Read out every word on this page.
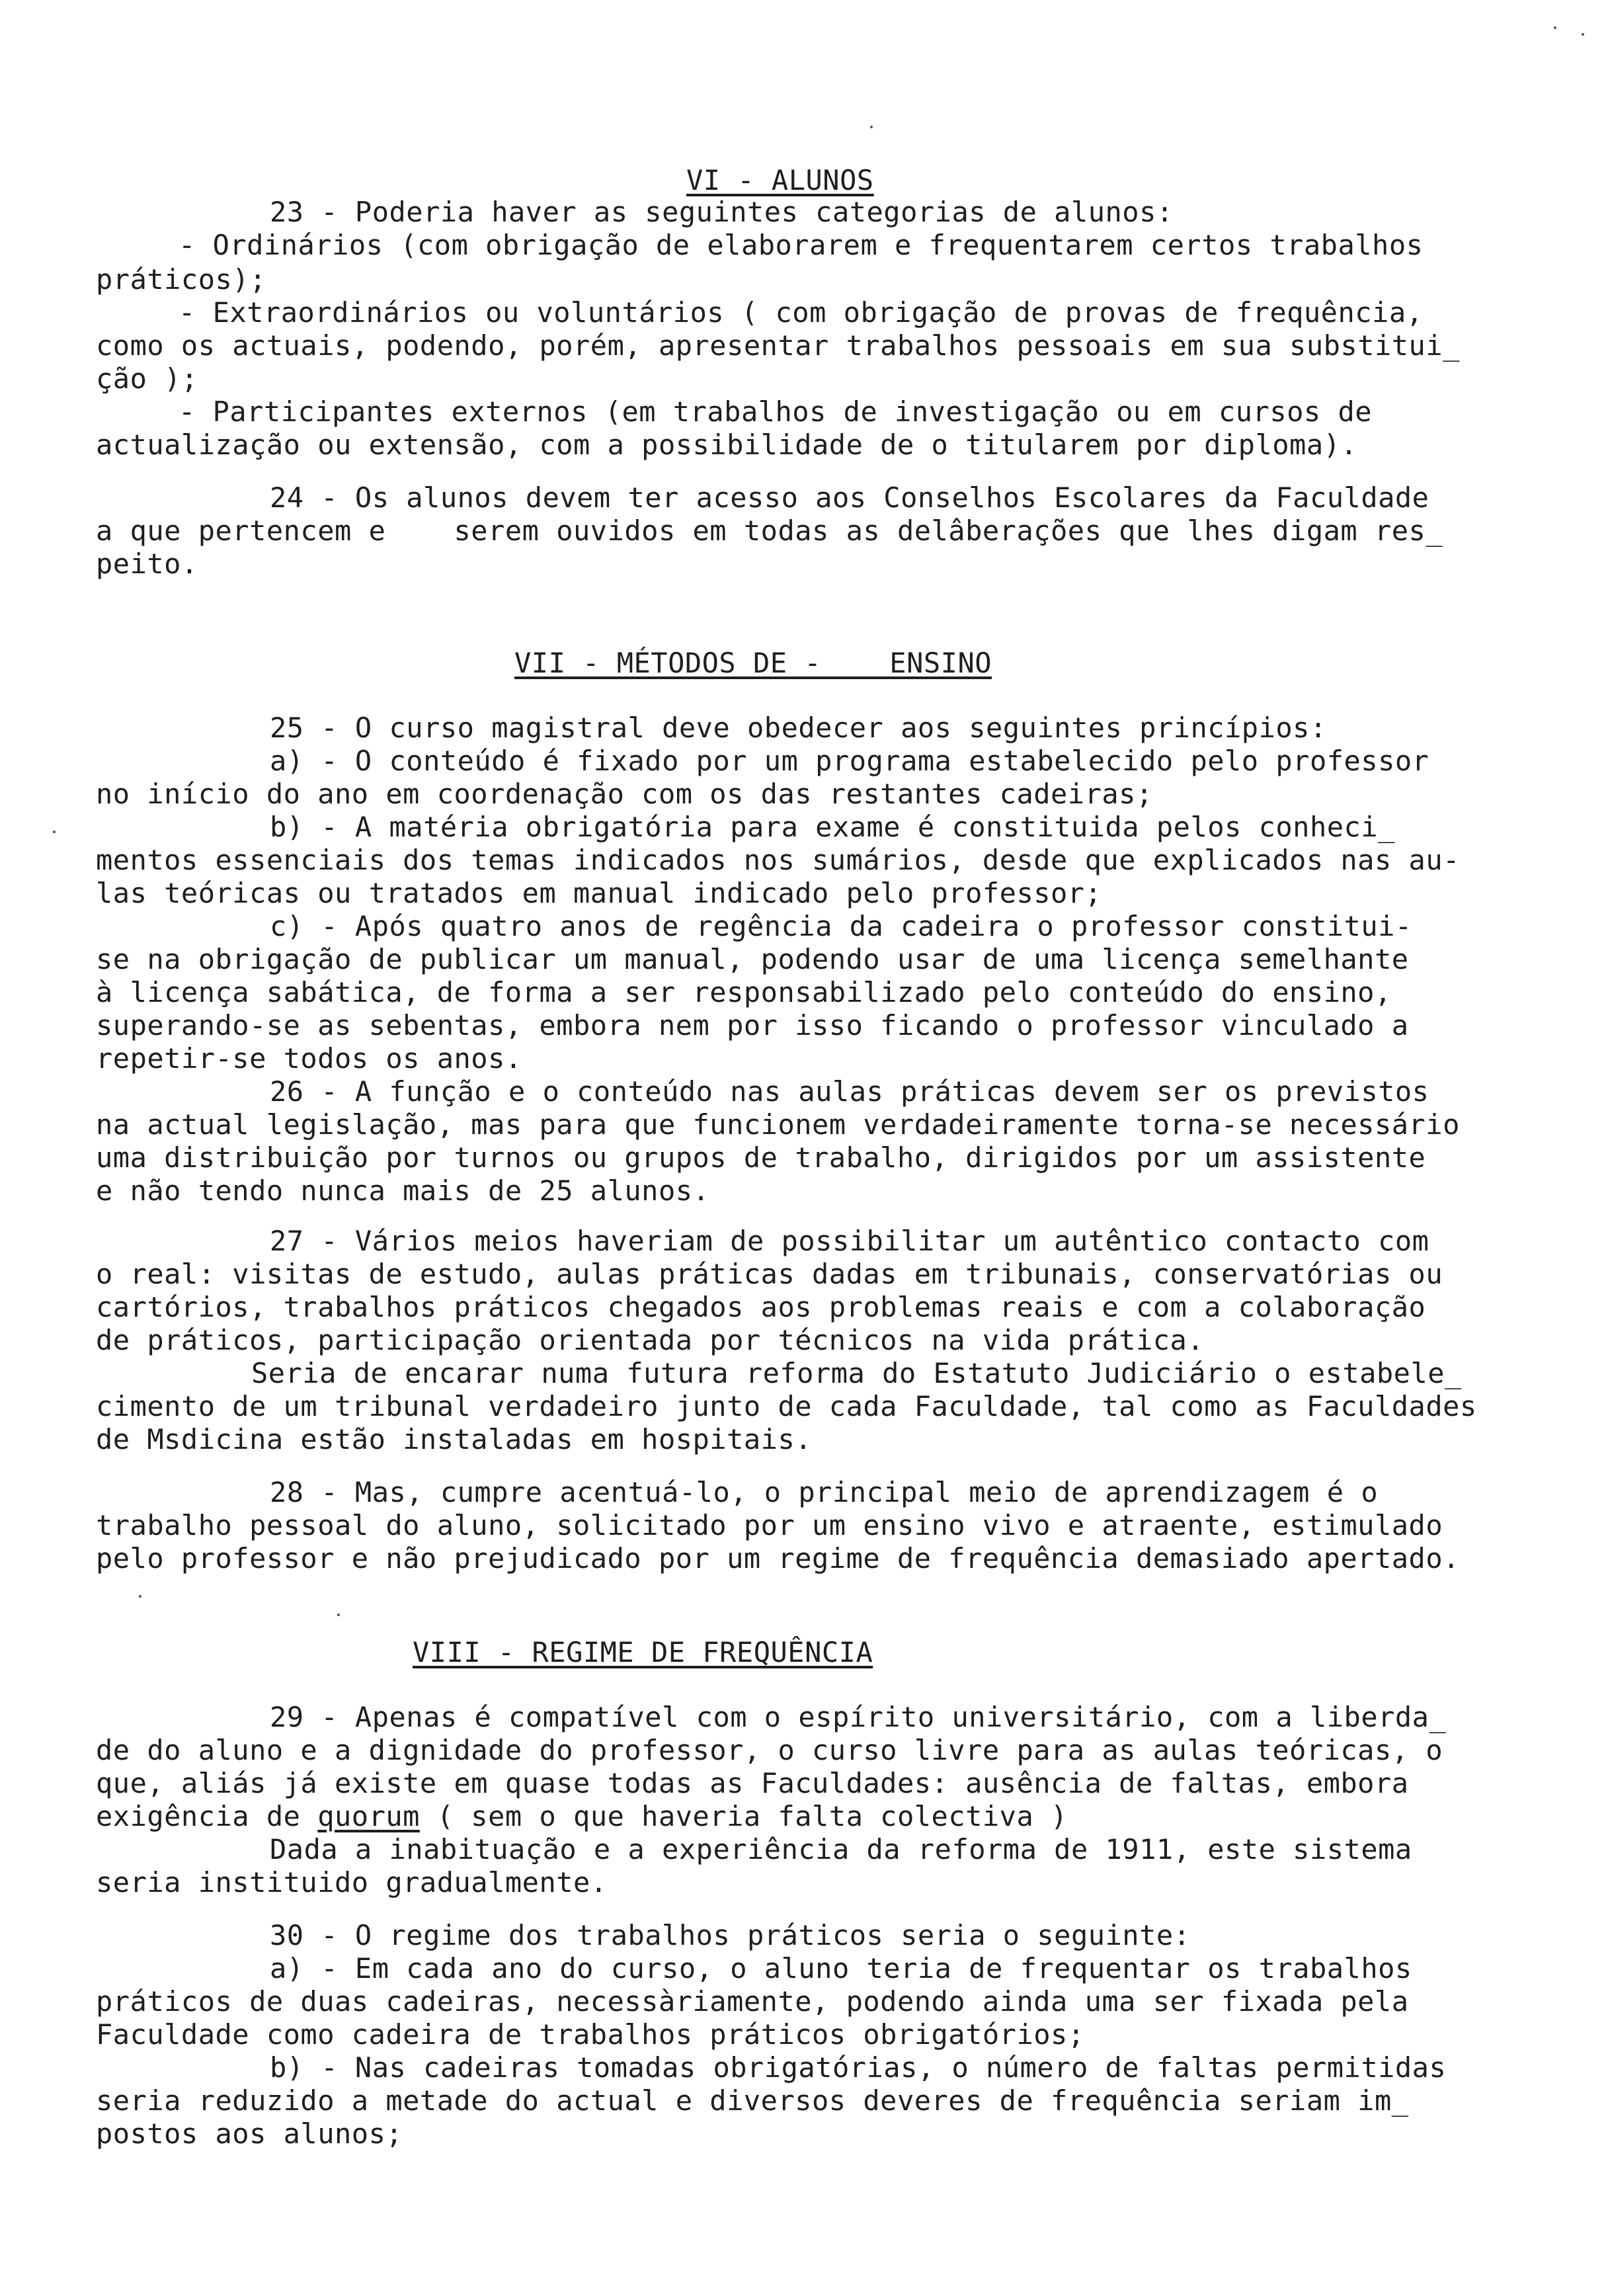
VI - ALUNOS

23 - Poderia haver as seguintes categorias de alunos:

- Ordinários (com obrigação de elaborarem e frequentarem certos trabalhos

práticos);

- Extraordinários ou voluntários ( com obrigação de provas de frequência,

como os actuais, podendo, porém, apresentar trabalhos pessoais em sua substitui_

ção );

- Participantes externos (em trabalhos de investigação ou em cursos de

actualização ou extensão, com a possibilidade de o titularem por diploma).

24 - Os alunos devem ter acesso aos Conselhos Escolares da Faculdade

a que pertencem e    serem ouvidos em todas as delâberações que lhes digam res_

peito.

VII - MÉTODOS DE -    ENSINO

25 - O curso magistral deve obedecer aos seguintes princípios:

a) - O conteúdo é fixado por um programa estabelecido pelo professor

no início do ano em coordenação com os das restantes cadeiras;

b) - A matéria obrigatória para exame é constituida pelos conheci_

mentos essenciais dos temas indicados nos sumários, desde que explicados nas au-

las teóricas ou tratados em manual indicado pelo professor;

c) - Após quatro anos de regência da cadeira o professor constitui-

se na obrigação de publicar um manual, podendo usar de uma licença semelhante

à licença sabática, de forma a ser responsabilizado pelo conteúdo do ensino,

superando-se as sebentas, embora nem por isso ficando o professor vinculado a

repetir-se todos os anos.

26 - A função e o conteúdo nas aulas práticas devem ser os previstos

na actual legislação, mas para que funcionem verdadeiramente torna-se necessário

uma distribuição por turnos ou grupos de trabalho, dirigidos por um assistente

e não tendo nunca mais de 25 alunos.

27 - Vários meios haveriam de possibilitar um autêntico contacto com

o real: visitas de estudo, aulas práticas dadas em tribunais, conservatórias ou

cartórios, trabalhos práticos chegados aos problemas reais e com a colaboração

de práticos, participação orientada por técnicos na vida prática.

Seria de encarar numa futura reforma do Estatuto Judiciário o estabele_

cimento de um tribunal verdadeiro junto de cada Faculdade, tal como as Faculdades

de Msdicina estão instaladas em hospitais.

28 - Mas, cumpre acentuá-lo, o principal meio de aprendizagem é o

trabalho pessoal do aluno, solicitado por um ensino vivo e atraente, estimulado

pelo professor e não prejudicado por um regime de frequência demasiado apertado.

VIII - REGIME DE FREQUÊNCIA

29 - Apenas é compatível com o espírito universitário, com a liberda_

de do aluno e a dignidade do professor, o curso livre para as aulas teóricas, o

que, aliás já existe em quase todas as Faculdades: ausência de faltas, embora

exigência de quorum ( sem o que haveria falta colectiva )

Dada a inabituação e a experiência da reforma de 1911, este sistema

seria instituido gradualmente.

30 - O regime dos trabalhos práticos seria o seguinte:

a) - Em cada ano do curso, o aluno teria de frequentar os trabalhos

práticos de duas cadeiras, necessàriamente, podendo ainda uma ser fixada pela

Faculdade como cadeira de trabalhos práticos obrigatórios;

b) - Nas cadeiras tomadas obrigatórias, o número de faltas permitidas

seria reduzido a metade do actual e diversos deveres de frequência seriam im_

postos aos alunos;
